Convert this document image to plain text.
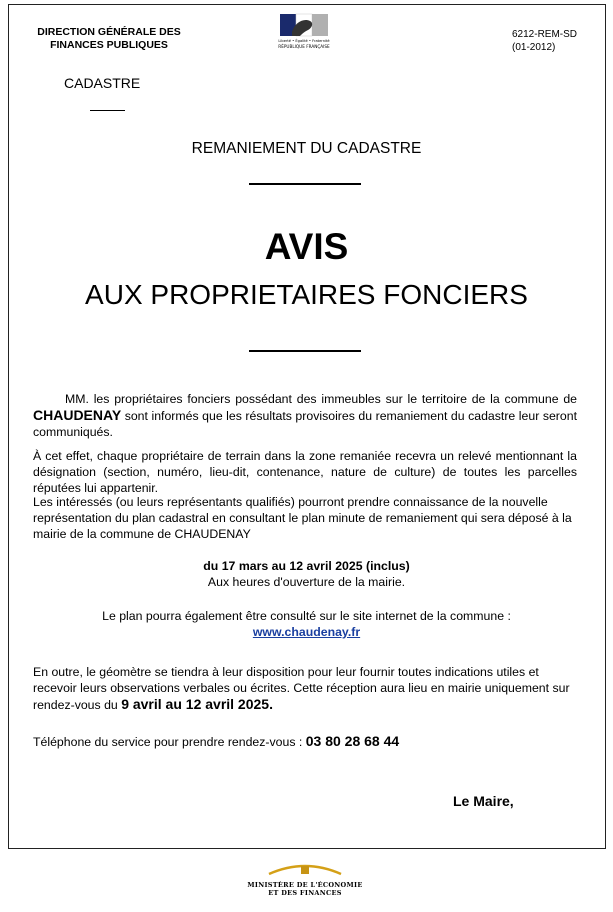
DIRECTION GÉNÉRALE DES
FINANCES PUBLIQUES	Liberté • Égalité • Fraternité
RÉPUBLIQUE FRANÇAISE
6212-REM-SD
(01-2012)
CADASTRE
REMANIEMENT DU CADASTRE
AVIS
AUX PROPRIETAIRES FONCIERS
MM. les propriétaires fonciers possédant des immeubles sur le territoire de la commune de CHAUDENAY sont informés que les résultats provisoires du remaniement du cadastre leur seront communiqués.
À cet effet, chaque propriétaire de terrain dans la zone remaniée recevra un relevé mentionnant la désignation (section, numéro, lieu-dit, contenance, nature de culture) de toutes les parcelles réputées lui appartenir.
Les intéressés (ou leurs représentants qualifiés) pourront prendre connaissance de la nouvelle représentation du plan cadastral en consultant le plan minute de remaniement qui sera déposé à la mairie de la commune de CHAUDENAY
du 17 mars au 12 avril 2025 (inclus)
Aux heures d'ouverture de la mairie.
Le plan pourra également être consulté sur le site internet de la commune :
www.chaudenay.fr
En outre, le géomètre se tiendra à leur disposition pour leur fournir toutes indications utiles et recevoir leurs observations verbales ou écrites. Cette réception aura lieu en mairie uniquement sur rendez-vous du 9 avril au 12 avril 2025.
Téléphone du service pour prendre rendez-vous : 03 80 28 68 44
Le Maire,
MINISTÈRE DE L'ÉCONOMIE
ET DES FINANCES
